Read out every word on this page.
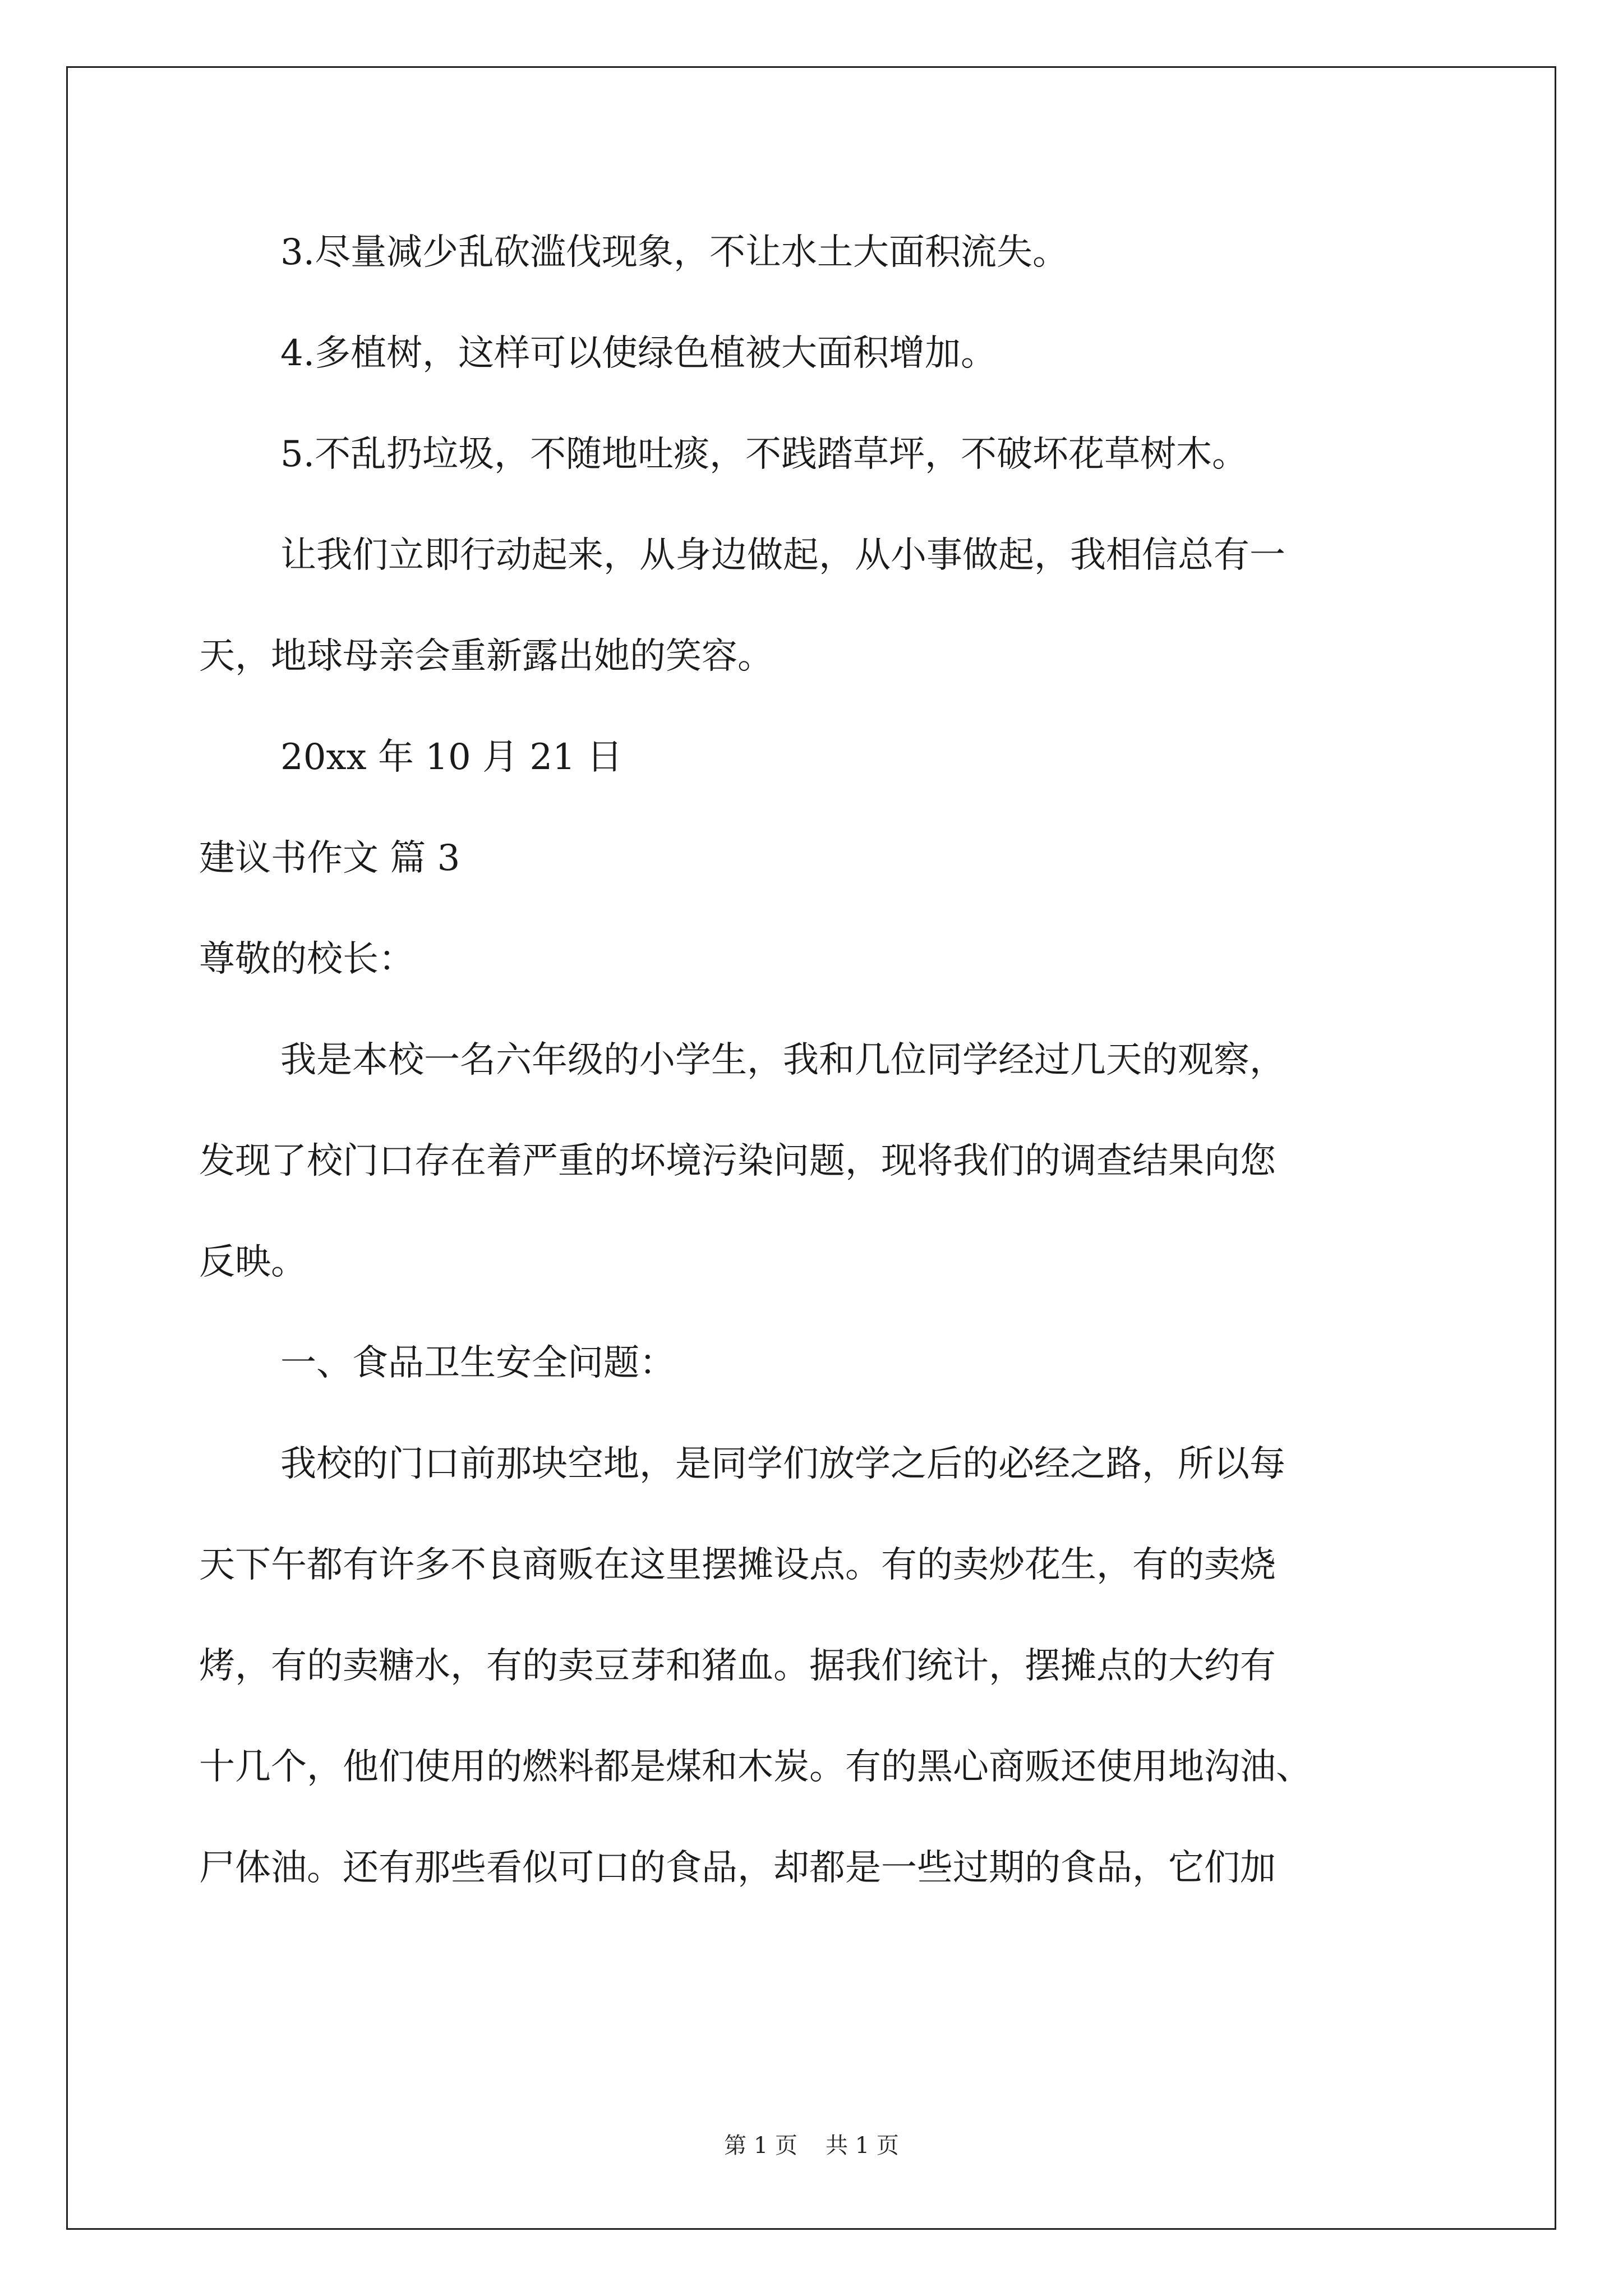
3.尽量减少乱砍滥伐现象，不让水土大面积流失。
4.多植树，这样可以使绿色植被大面积增加。
5.不乱扔垃圾，不随地吐痰，不践踏草坪，不破坏花草树木。
让我们立即行动起来，从身边做起，从小事做起，我相信总有一
天，地球母亲会重新露出她的笑容。
20xx 年 10 月 21 日
建议书作文 篇 3
尊敬的校长：
我是本校一名六年级的小学生，我和几位同学经过几天的观察，
发现了校门口存在着严重的坏境污染问题，现将我们的调查结果向您
反映。
一、食品卫生安全问题：
我校的门口前那块空地，是同学们放学之后的必经之路，所以每
天下午都有许多不良商贩在这里摆摊设点。有的卖炒花生，有的卖烧
烤，有的卖糖水，有的卖豆芽和猪血。据我们统计，摆摊点的大约有
十几个，他们使用的燃料都是煤和木炭。有的黑心商贩还使用地沟油、
尸体油。还有那些看似可口的食品，却都是一些过期的食品，它们加
第 1 页 共 1 页
